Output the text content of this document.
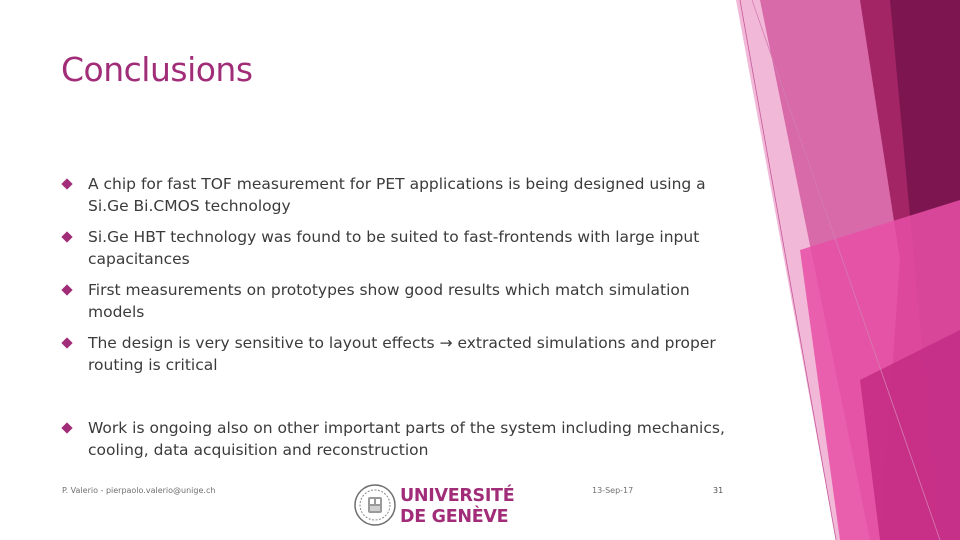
Conclusions
A chip for fast TOF measurement for PET applications is being designed using a Si.Ge Bi.CMOS technology
Si.Ge HBT technology was found to be suited to fast-frontends with large input capacitances
First measurements on prototypes show good results which match simulation models
The design is very sensitive to layout effects → extracted simulations and proper routing is critical
Work is ongoing also on other important parts of the system including mechanics, cooling, data acquisition and reconstruction
P. Valerio - pierpaolo.valerio@unige.ch	UNIVERSITÉ
DE GENÈVE
13-Sep-17	31
